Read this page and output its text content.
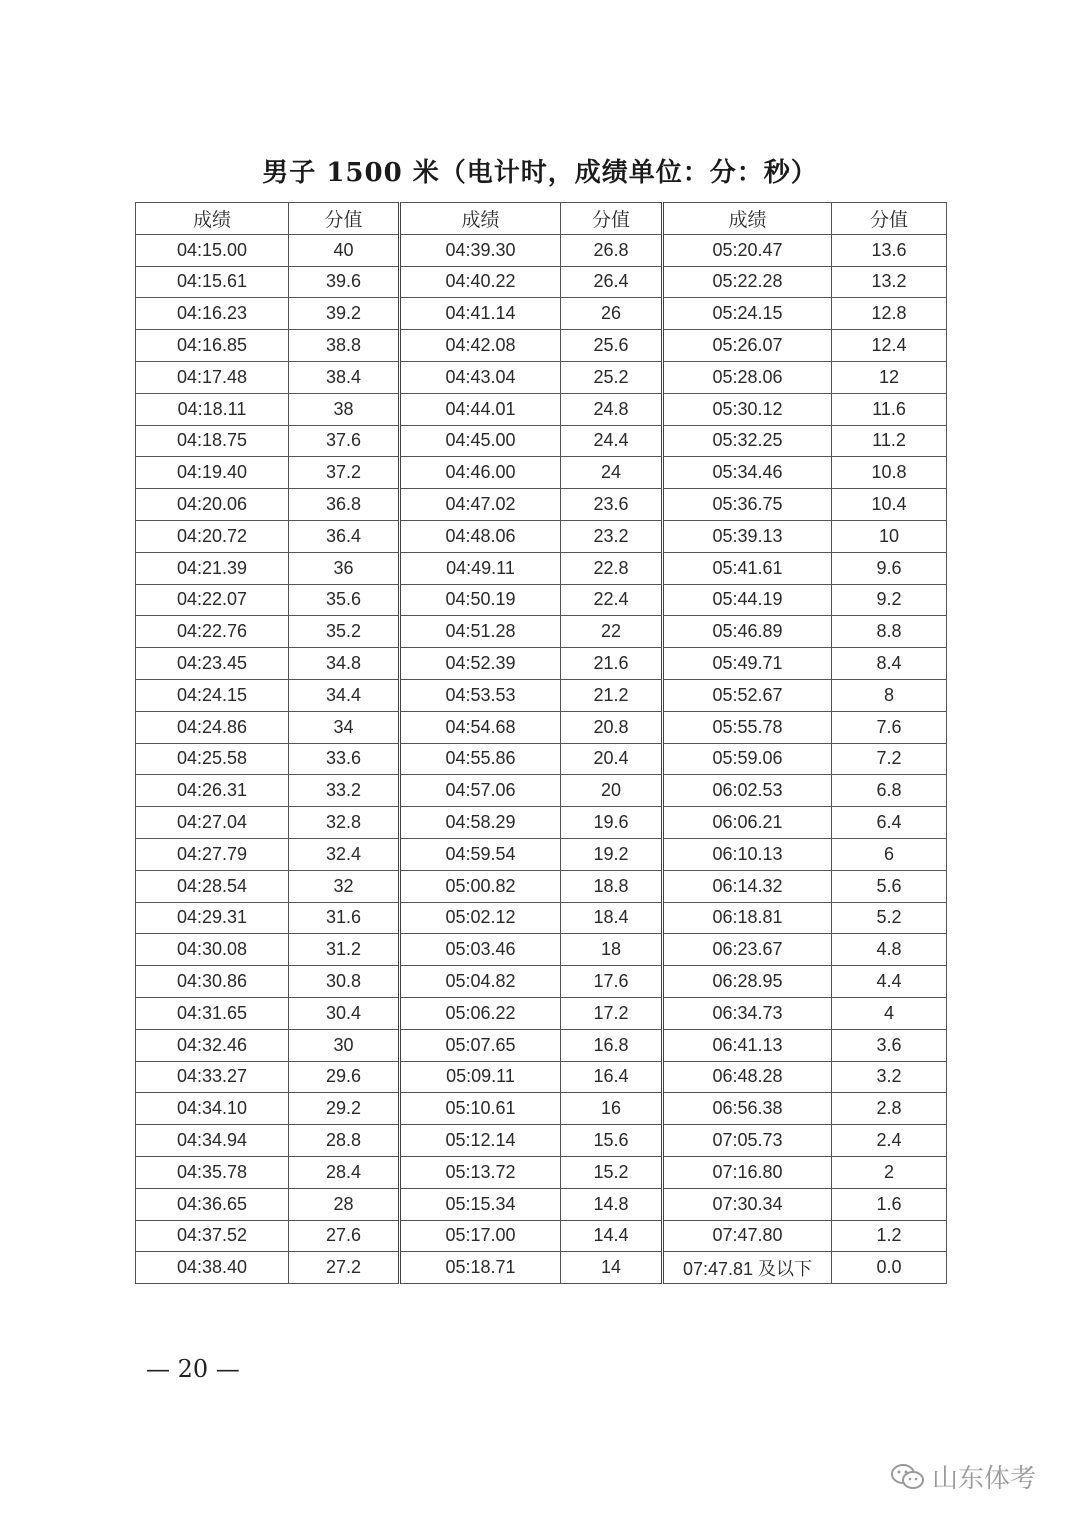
男子 1500 米（电计时，成绩单位：分：秒）
成绩	分值	成绩	分值	成绩	分值
04:15.00	40	04:39.30	26.8	05:20.47	13.6
04:15.61	39.6	04:40.22	26.4	05:22.28	13.2
04:16.23	39.2	04:41.14	26	05:24.15	12.8
04:16.85	38.8	04:42.08	25.6	05:26.07	12.4
04:17.48	38.4	04:43.04	25.2	05:28.06	12
04:18.11	38	04:44.01	24.8	05:30.12	11.6
04:18.75	37.6	04:45.00	24.4	05:32.25	11.2
04:19.40	37.2	04:46.00	24	05:34.46	10.8
04:20.06	36.8	04:47.02	23.6	05:36.75	10.4
04:20.72	36.4	04:48.06	23.2	05:39.13	10
04:21.39	36	04:49.11	22.8	05:41.61	9.6
04:22.07	35.6	04:50.19	22.4	05:44.19	9.2
04:22.76	35.2	04:51.28	22	05:46.89	8.8
04:23.45	34.8	04:52.39	21.6	05:49.71	8.4
04:24.15	34.4	04:53.53	21.2	05:52.67	8
04:24.86	34	04:54.68	20.8	05:55.78	7.6
04:25.58	33.6	04:55.86	20.4	05:59.06	7.2
04:26.31	33.2	04:57.06	20	06:02.53	6.8
04:27.04	32.8	04:58.29	19.6	06:06.21	6.4
04:27.79	32.4	04:59.54	19.2	06:10.13	6
04:28.54	32	05:00.82	18.8	06:14.32	5.6
04:29.31	31.6	05:02.12	18.4	06:18.81	5.2
04:30.08	31.2	05:03.46	18	06:23.67	4.8
04:30.86	30.8	05:04.82	17.6	06:28.95	4.4
04:31.65	30.4	05:06.22	17.2	06:34.73	4
04:32.46	30	05:07.65	16.8	06:41.13	3.6
04:33.27	29.6	05:09.11	16.4	06:48.28	3.2
04:34.10	29.2	05:10.61	16	06:56.38	2.8
04:34.94	28.8	05:12.14	15.6	07:05.73	2.4
04:35.78	28.4	05:13.72	15.2	07:16.80	2
04:36.65	28	05:15.34	14.8	07:30.34	1.6
04:37.52	27.6	05:17.00	14.4	07:47.80	1.2
04:38.40	27.2	05:18.71	14	07:47.81 及以下	0.0
— 20 —
山东体考
